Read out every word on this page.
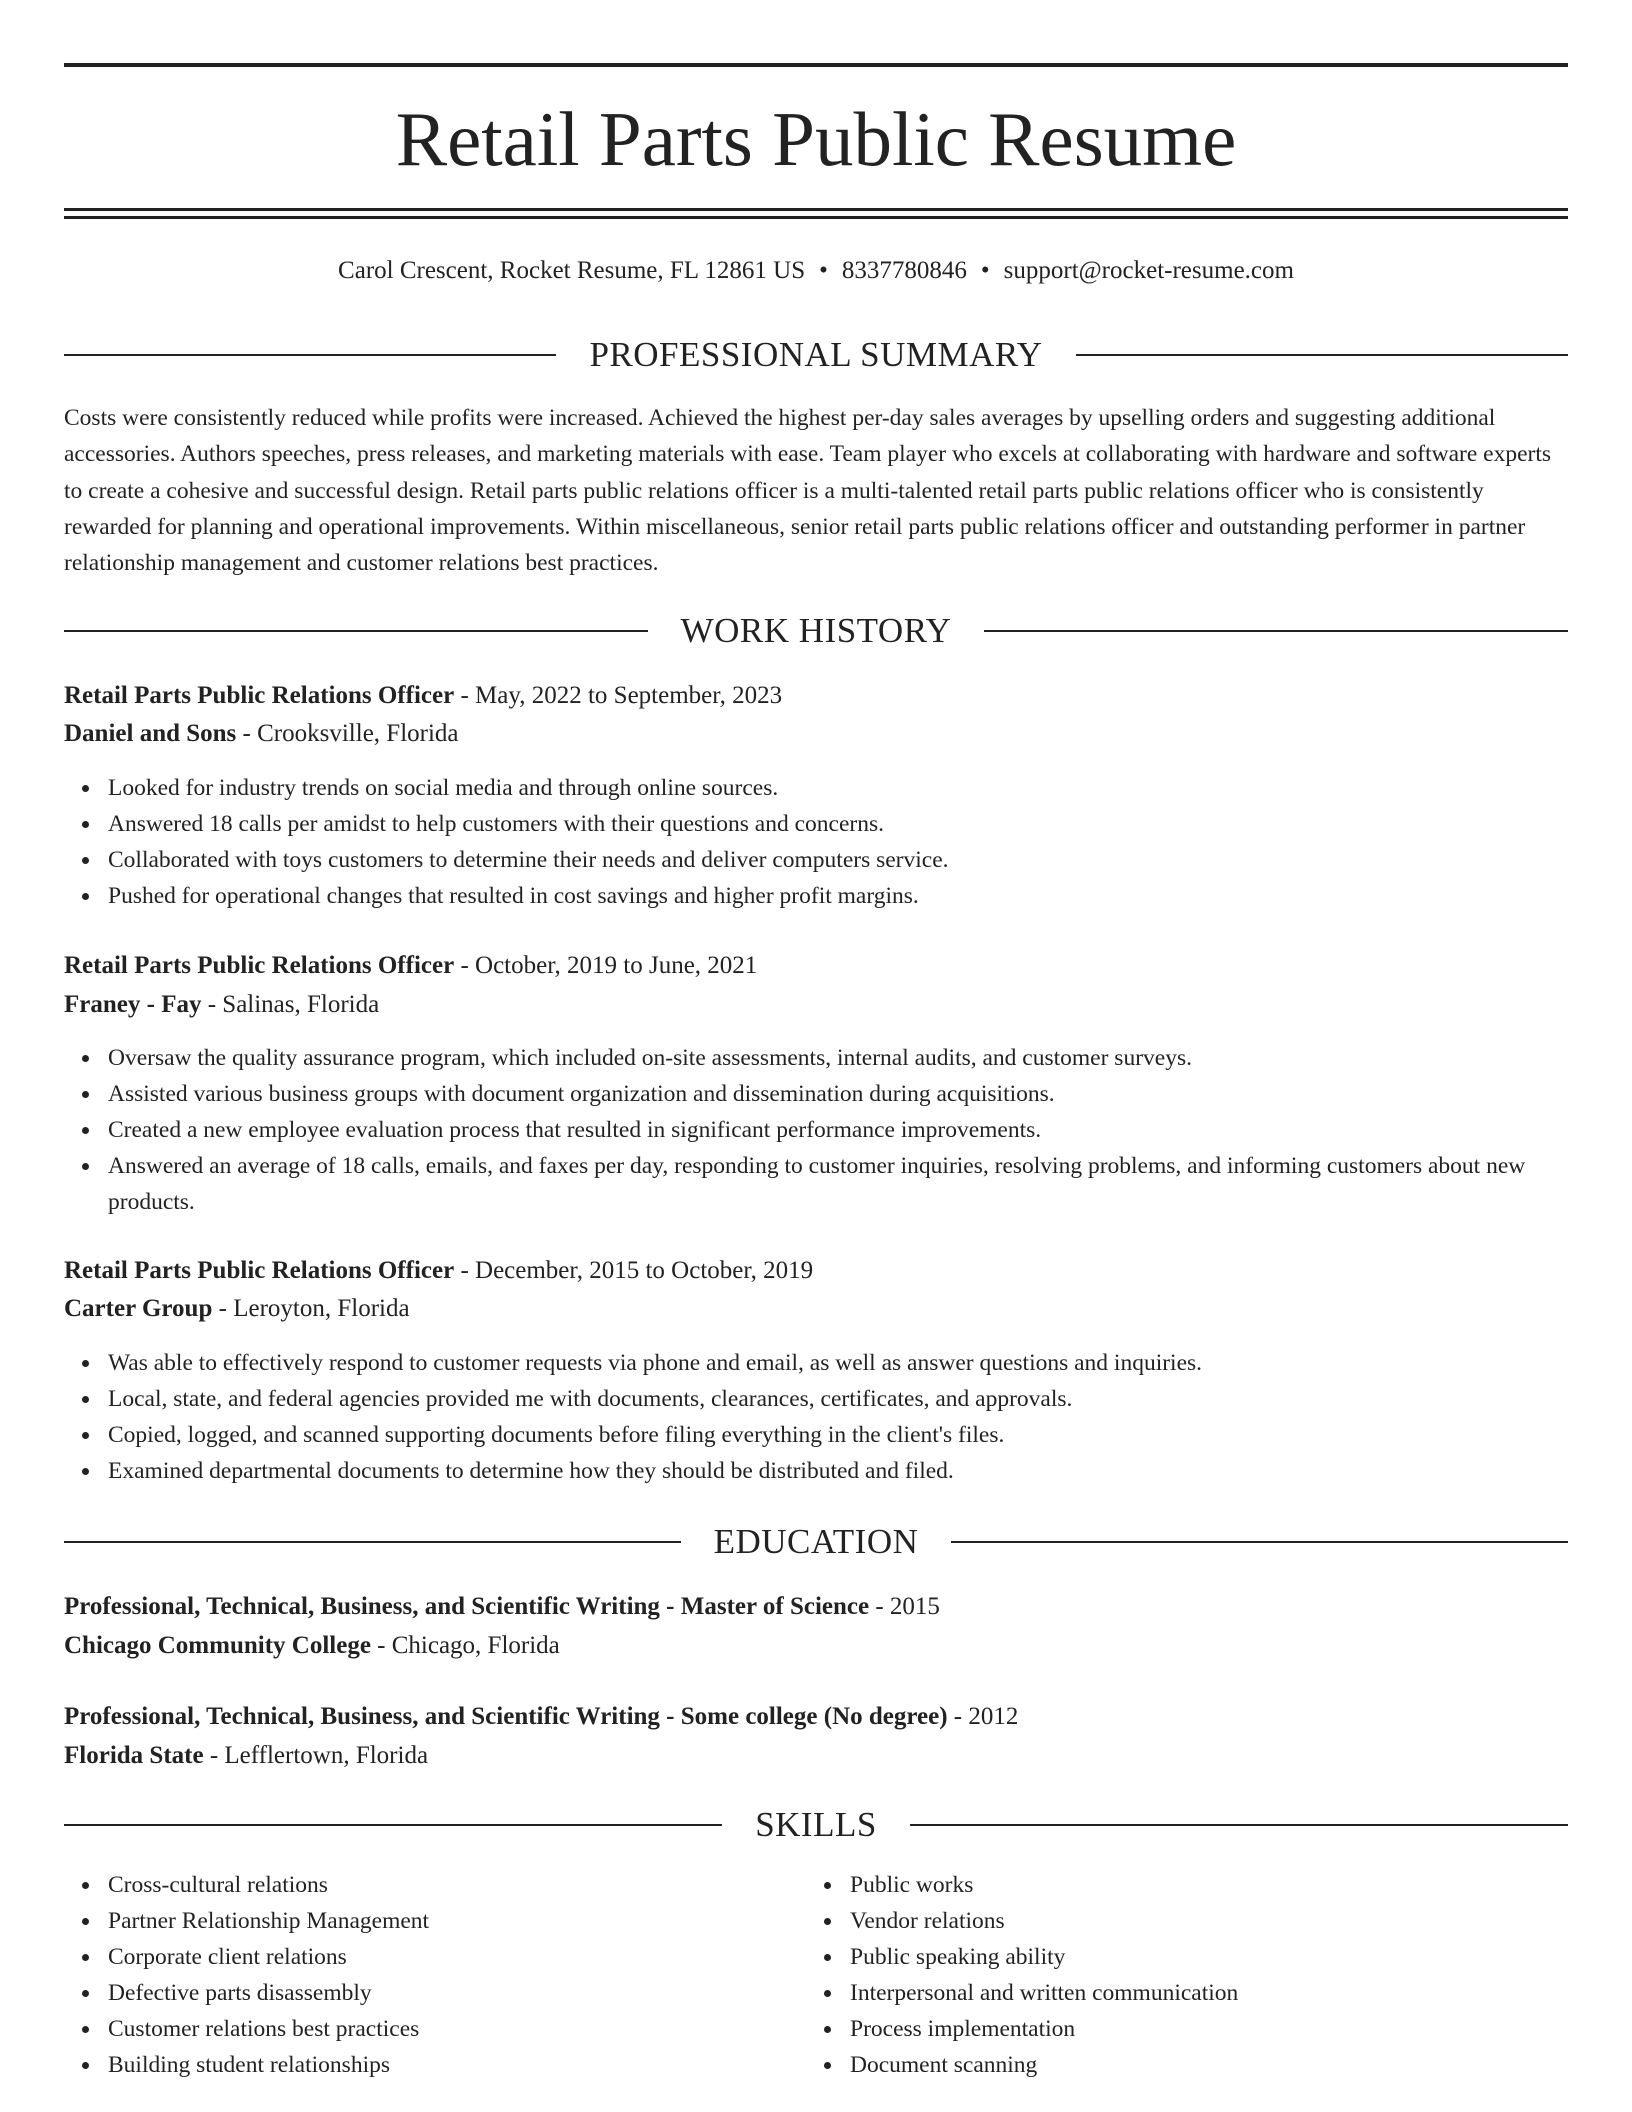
Retail Parts Public Resume
Carol Crescent, Rocket Resume, FL 12861 US • 8337780846 • support@rocket-resume.com
PROFESSIONAL SUMMARY

Costs were consistently reduced while profits were increased. Achieved the highest per-day sales averages by upselling orders and suggesting additional accessories. Authors speeches, press releases, and marketing materials with ease. Team player who excels at collaborating with hardware and software experts to create a cohesive and successful design. Retail parts public relations officer is a multi-talented retail parts public relations officer who is consistently rewarded for planning and operational improvements. Within miscellaneous, senior retail parts public relations officer and outstanding performer in partner relationship management and customer relations best practices.

WORK HISTORY
Retail Parts Public Relations Officer - May, 2022 to September, 2023
Daniel and Sons - Crooksville, Florida
Looked for industry trends on social media and through online sources.
Answered 18 calls per amidst to help customers with their questions and concerns.
Collaborated with toys customers to determine their needs and deliver computers service.
Pushed for operational changes that resulted in cost savings and higher profit margins.
Retail Parts Public Relations Officer - October, 2019 to June, 2021
Franey - Fay - Salinas, Florida
Oversaw the quality assurance program, which included on-site assessments, internal audits, and customer surveys.
Assisted various business groups with document organization and dissemination during acquisitions.
Created a new employee evaluation process that resulted in significant performance improvements.
Answered an average of 18 calls, emails, and faxes per day, responding to customer inquiries, resolving problems, and informing customers about new products.
Retail Parts Public Relations Officer - December, 2015 to October, 2019
Carter Group - Leroyton, Florida
Was able to effectively respond to customer requests via phone and email, as well as answer questions and inquiries.
Local, state, and federal agencies provided me with documents, clearances, certificates, and approvals.
Copied, logged, and scanned supporting documents before filing everything in the client's files.
Examined departmental documents to determine how they should be distributed and filed.
EDUCATION
Professional, Technical, Business, and Scientific Writing - Master of Science - 2015
Chicago Community College - Chicago, Florida
Professional, Technical, Business, and Scientific Writing - Some college (No degree) - 2012
Florida State - Lefflertown, Florida
SKILLS
Cross-cultural relations
Partner Relationship Management
Corporate client relations
Defective parts disassembly
Customer relations best practices
Building student relationships
Public works
Vendor relations
Public speaking ability
Interpersonal and written communication
Process implementation
Document scanning
